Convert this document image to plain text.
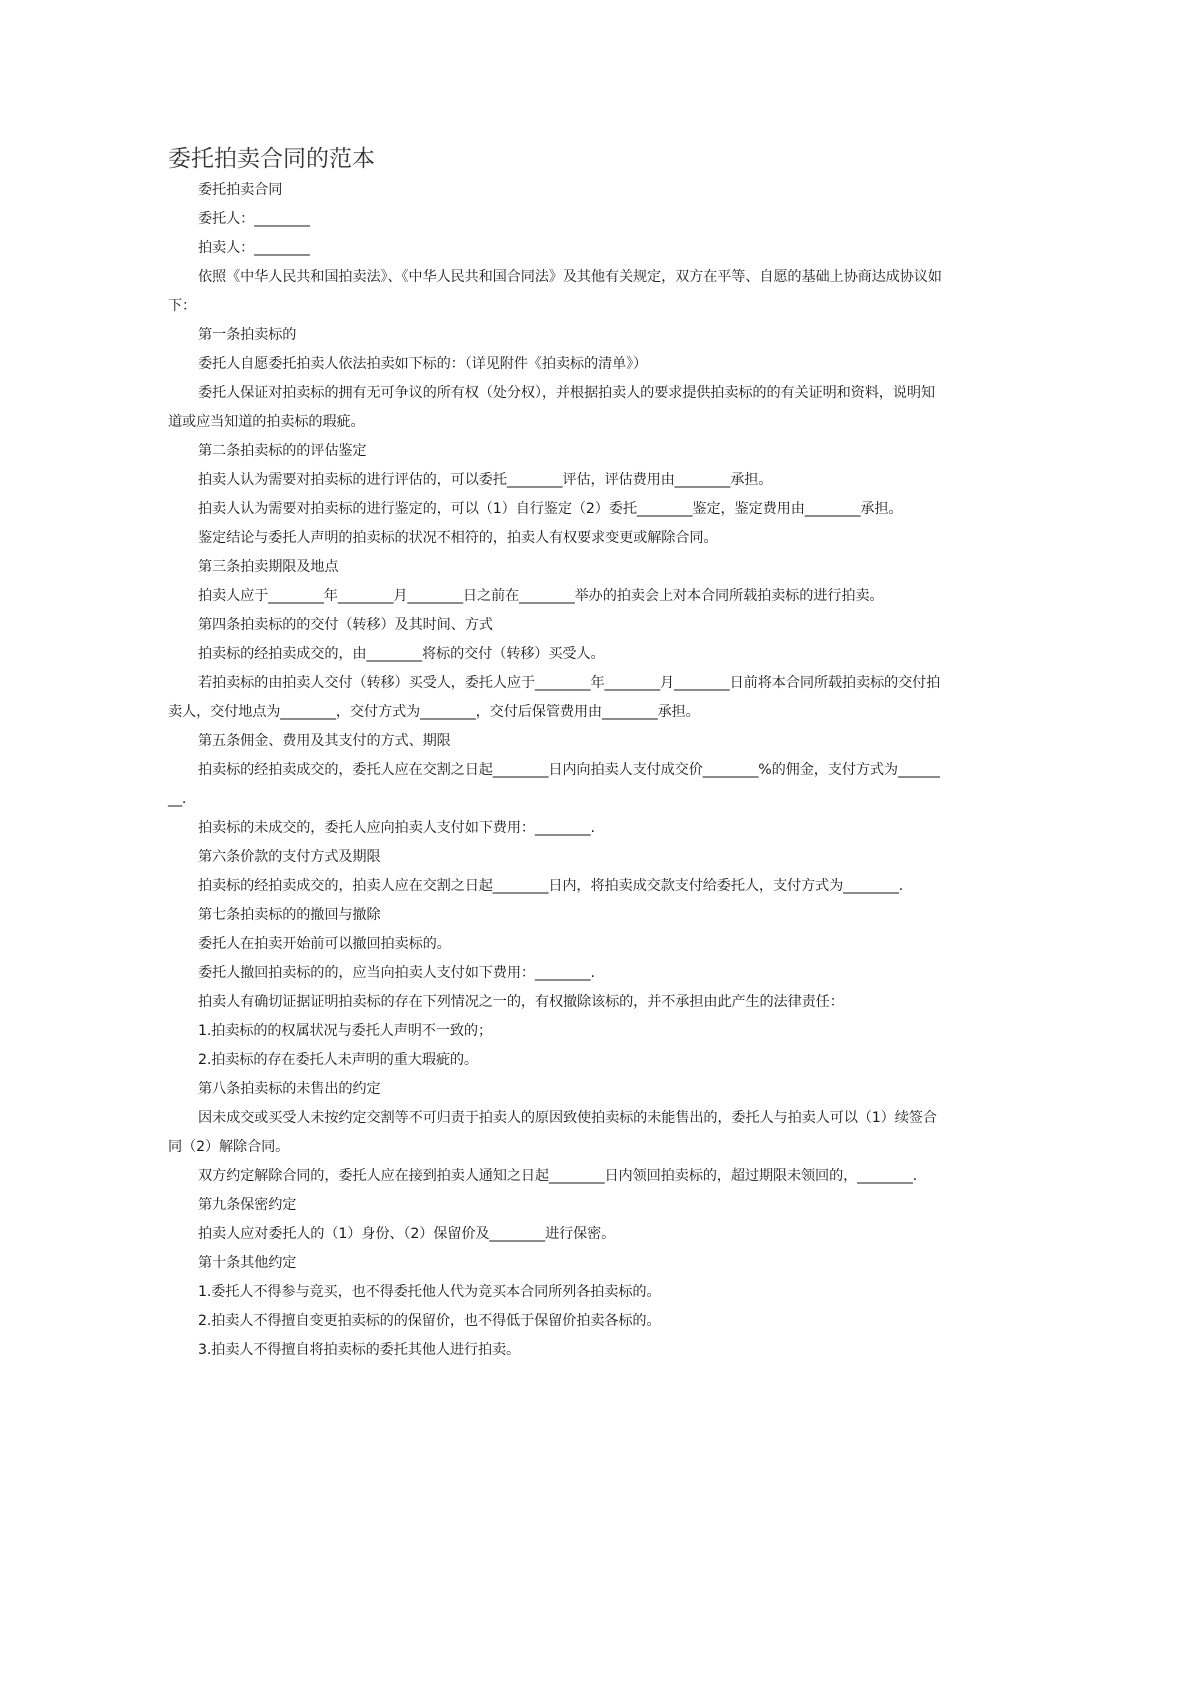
委托拍卖合同的范本

委托拍卖合同

委托人：________

拍卖人：________

依照《中华人民共和国拍卖法》、《中华人民共和国合同法》及其他有关规定，双方在平等、自愿的基础上协商达成协议如下：

第一条拍卖标的

委托人自愿委托拍卖人依法拍卖如下标的：（详见附件《拍卖标的清单》）

委托人保证对拍卖标的拥有无可争议的所有权（处分权），并根据拍卖人的要求提供拍卖标的的有关证明和资料，说明知道或应当知道的拍卖标的瑕疵。

第二条拍卖标的的评估鉴定

拍卖人认为需要对拍卖标的进行评估的，可以委托________评估，评估费用由________承担。

拍卖人认为需要对拍卖标的进行鉴定的，可以（1）自行鉴定（2）委托________鉴定，鉴定费用由________承担。

鉴定结论与委托人声明的拍卖标的状况不相符的，拍卖人有权要求变更或解除合同。

第三条拍卖期限及地点

拍卖人应于________年________月________日之前在________举办的拍卖会上对本合同所载拍卖标的进行拍卖。

第四条拍卖标的的交付（转移）及其时间、方式

拍卖标的经拍卖成交的，由________将标的交付（转移）买受人。

若拍卖标的由拍卖人交付（转移）买受人，委托人应于________年________月________日前将本合同所载拍卖标的交付拍卖人，交付地点为________，交付方式为________，交付后保管费用由________承担。

第五条佣金、费用及其支付的方式、期限

拍卖标的经拍卖成交的，委托人应在交割之日起________日内向拍卖人支付成交价________%的佣金，支付方式为________.

拍卖标的未成交的，委托人应向拍卖人支付如下费用：________.

第六条价款的支付方式及期限

拍卖标的经拍卖成交的，拍卖人应在交割之日起________日内，将拍卖成交款支付给委托人，支付方式为________.

第七条拍卖标的的撤回与撤除

委托人在拍卖开始前可以撤回拍卖标的。

委托人撤回拍卖标的的，应当向拍卖人支付如下费用：________.

拍卖人有确切证据证明拍卖标的存在下列情况之一的，有权撤除该标的，并不承担由此产生的法律责任：

1.拍卖标的的权属状况与委托人声明不一致的；

2.拍卖标的存在委托人未声明的重大瑕疵的。

第八条拍卖标的未售出的约定

因未成交或买受人未按约定交割等不可归责于拍卖人的原因致使拍卖标的未能售出的，委托人与拍卖人可以（1）续签合同（2）解除合同。

双方约定解除合同的，委托人应在接到拍卖人通知之日起________日内领回拍卖标的，超过期限未领回的，________.

第九条保密约定

拍卖人应对委托人的（1）身份、（2）保留价及________进行保密。

第十条其他约定

1.委托人不得参与竞买，也不得委托他人代为竞买本合同所列各拍卖标的。

2.拍卖人不得擅自变更拍卖标的的保留价，也不得低于保留价拍卖各标的。

3.拍卖人不得擅自将拍卖标的委托其他人进行拍卖。
